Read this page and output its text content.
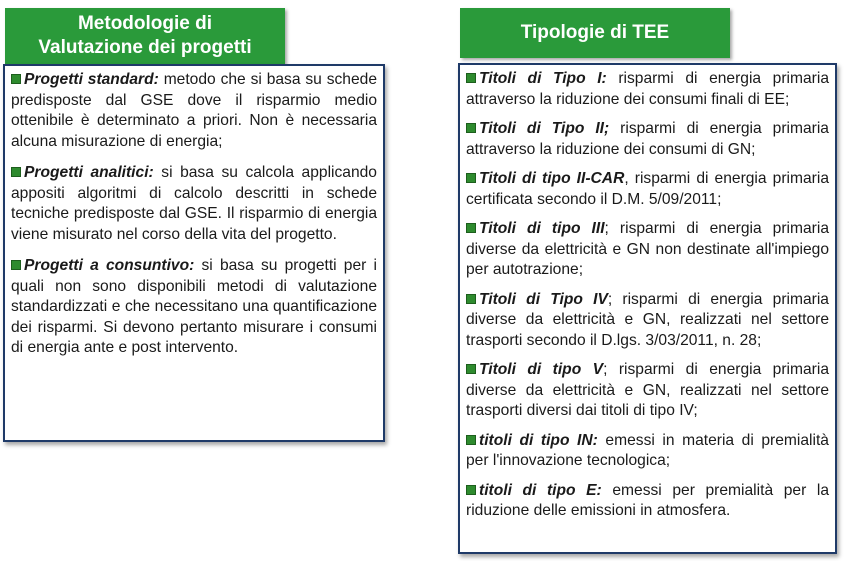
Metodologie di
Valutazione dei progetti
Tipologie di TEE

Progetti standard: metodo che si basa su schede predisposte dal GSE dove il risparmio medio ottenibile è determinato a priori. Non è necessaria alcuna misurazione di energia;

Progetti analitici: si basa su calcola applicando appositi algoritmi di calcolo descritti in schede tecniche predisposte dal GSE. Il risparmio di energia viene misurato nel corso della vita del progetto.

Progetti a consuntivo: si basa su progetti per i quali non sono disponibili metodi di valutazione standardizzati e che necessitano una quantificazione dei risparmi. Si devono pertanto misurare i consumi di energia ante e post intervento.

Titoli di Tipo I: risparmi di energia primaria attraverso la riduzione dei consumi finali di EE;

Titoli di Tipo II; risparmi di energia primaria attraverso la riduzione dei consumi di GN;

Titoli di tipo II-CAR, risparmi di energia primaria certificata secondo il D.M. 5/09/2011;

Titoli di tipo III; risparmi di energia primaria diverse da elettricità e GN non destinate all'impiego per autotrazione;

Titoli di Tipo IV; risparmi di energia primaria diverse da elettricità e GN, realizzati nel settore trasporti secondo il D.lgs. 3/03/2011, n. 28;

Titoli di tipo V; risparmi di energia primaria diverse da elettricità e GN, realizzati nel settore trasporti diversi dai titoli di tipo IV;

titoli di tipo IN: emessi in materia di premialità per l'innovazione tecnologica;

titoli di tipo E: emessi per premialità per la riduzione delle emissioni in atmosfera.
